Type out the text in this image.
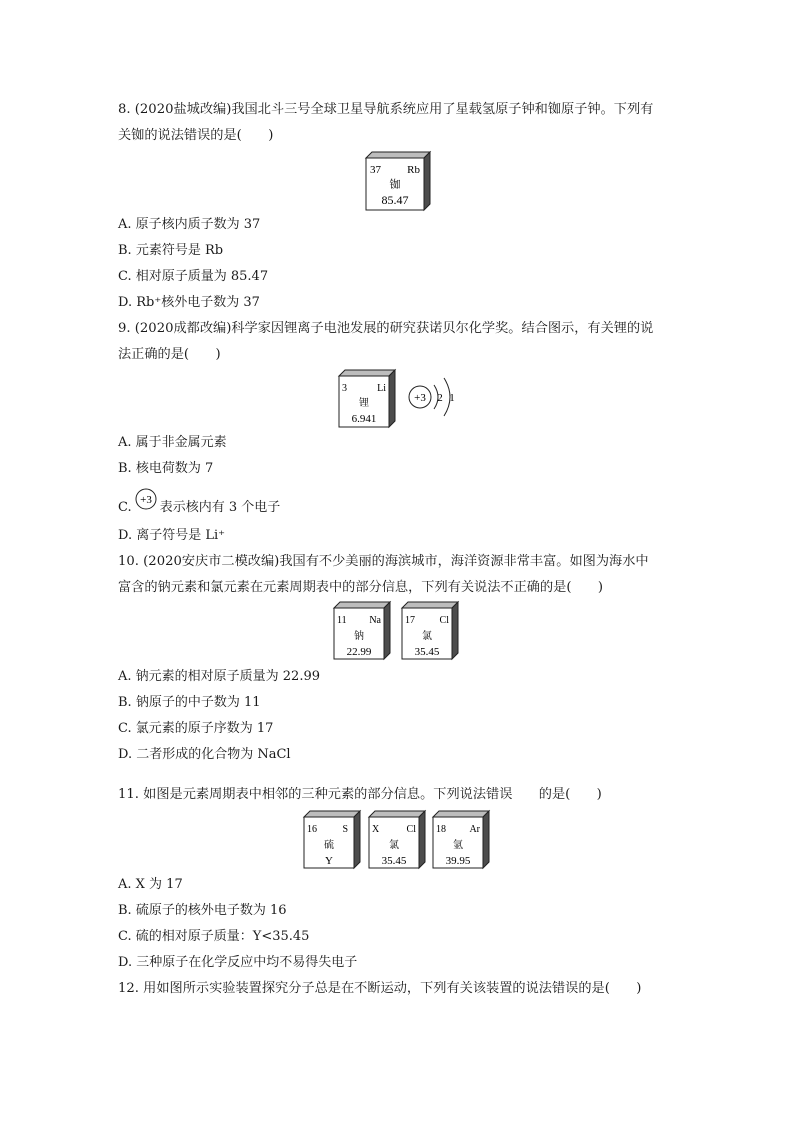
8. (2020盐城改编)我国北斗三号全球卫星导航系统应用了星载氢原子钟和铷原子钟。下列有
关铷的说法错误的是(　　)
37 Rb
铷
85.47
A. 原子核内质子数为 37
B. 元素符号是 Rb
C. 相对原子质量为 85.47
D. Rb⁺核外电子数为 37
9. (2020成都改编)科学家因锂离子电池发展的研究获诺贝尔化学奖。结合图示，有关锂的说
法正确的是(　　)
3	Li
锂
6.941
+3 2 1
A. 属于非金属元素
B. 核电荷数为 7
C. +3 表示核内有 3 个电子
D. 离子符号是 Li⁺
10. (2020安庆市二模改编)我国有不少美丽的海滨城市，海洋资源非常丰富。如图为海水中
富含的钠元素和氯元素在元素周期表中的部分信息，下列有关说法不正确的是(　　)
11 Na
钠
22.99
17 Cl
氯
35.45
A. 钠元素的相对原子质量为 22.99
B. 钠原子的中子数为 11
C. 氯元素的原子序数为 17
D. 二者形成的化合物为 NaCl
11. 如图是元素周期表中相邻的三种元素的部分信息。下列说法错误　　的是(　　)
16	S
硫
Y
X	Cl
氯
35.45
18 Ar
氩
39.95
A. X 为 17
B. 硫原子的核外电子数为 16
C. 硫的相对原子质量：Y<35.45
D. 三种原子在化学反应中均不易得失电子
12. 用如图所示实验装置探究分子总是在不断运动，下列有关该装置的说法错误的是(　　)
